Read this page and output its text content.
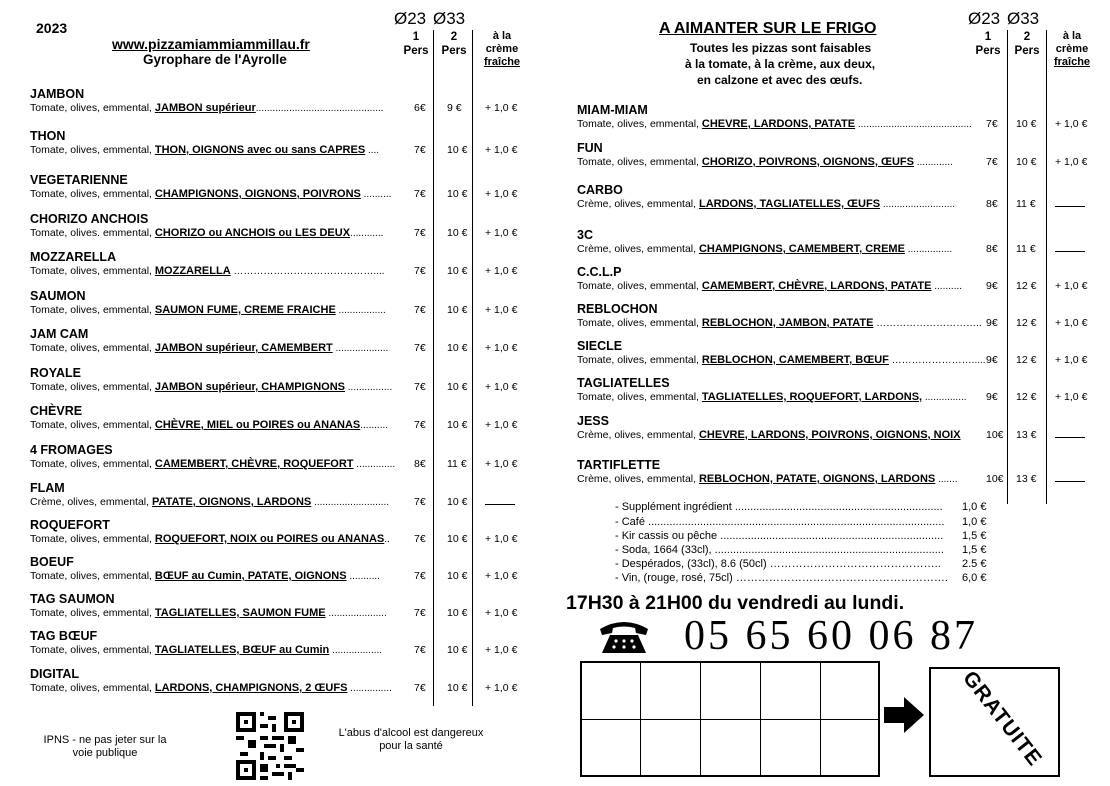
2023
www.pizzamiammiammillau.fr
Gyrophare de l'Ayrolle
Ø23 Ø33
1
Pers
2
Pers
à la
crème
fraîche
JAMBON
Tomate, olives, emmental, JAMBON supérieur..............................................	6€ 9 € + 1,0 €
THON
Tomate, olives, emmental, THON, OIGNONS avec ou sans CAPRES ....	7€ 10 € + 1,0 €
VEGETARIENNE
Tomate, olives, emmental, CHAMPIGNONS, OIGNONS, POIVRONS .......... 7€ 10 € + 1,0 €
CHORIZO ANCHOIS
Tomate, olives. emmental, CHORIZO ou ANCHOIS ou LES DEUX............	7€ 10 € + 1,0 €
MOZZARELLA
Tomate, olives, emmental, MOZZARELLA ……………………………………....	7€ 10 € + 1,0 €
SAUMON
Tomate, olives, emmental, SAUMON FUME, CREME FRAICHE .................	7€ 10 € + 1,0 €
JAM CAM
Tomate, olives, emmental, JAMBON supérieur, CAMEMBERT ................... 7€ 10 € + 1,0 €
ROYALE
Tomate, olives, emmental, JAMBON supérieur, CHAMPIGNONS ................ 7€ 10 € + 1,0 €
CHÈVRE
Tomate, olives, emmental, CHÈVRE, MIEL ou POIRES ou ANANAS.......... 7€ 10 € + 1,0 €
4 FROMAGES
Tomate, olives, emmental, CAMEMBERT, CHÈVRE, ROQUEFORT .............. 8€ 11 € + 1,0 €
FLAM
Crème, olives, emmental, PATATE, OIGNONS, LARDONS ........................... 7€ 10 €
ROQUEFORT
Tomate, olives, emmental, ROQUEFORT, NOIX ou POIRES ou ANANAS.. 7€ 10 € + 1,0 €
BOEUF
Tomate, olives, emmental, BŒUF au Cumin, PATATE, OIGNONS ...........	7€ 10 € + 1,0 €
TAG SAUMON
Tomate, olives, emmental, TAGLIATELLES, SAUMON FUME .....................	7€ 10 € + 1,0 €
TAG BŒUF
Tomate, olives, emmental, TAGLIATELLES, BŒUF au Cumin ..................	7€ 10 € + 1,0 €
DIGITAL
Tomate, olives, emmental, LARDONS, CHAMPIGNONS, 2 ŒUFS ............... 7€ 10 € + 1,0 €
IPNS - ne pas jeter sur la voie publique
L'abus d'alcool est dangereux pour la santé
A AIMANTER SUR LE FRIGO
Toutes les pizzas sont faisables
à la tomate, à la crème, aux deux,
en calzone et avec des œufs.
Ø23 Ø33
1
Pers
2
Pers
à la
crème
fraîche
MIAM-MIAM
Tomate, olives, emmental, CHEVRE, LARDONS, PATATE ......................................... 7€ 10 € + 1,0 €
FUN
Tomate, olives, emmental, CHORIZO, POIVRONS, OIGNONS, ŒUFS .............	7€ 10 € + 1,0 €
CARBO
Crème, olives, emmental, LARDONS, TAGLIATELLES, ŒUFS ..........................	8€ 11 €
3C
Crème, olives, emmental, CHAMPIGNONS, CAMEMBERT, CREME ................	8€ 11 €
C.C.L.P
Tomate, olives, emmental, CAMEMBERT, CHÈVRE, LARDONS, PATATE .......... 9€ 12 € + 1,0 €
REBLOCHON
Tomate, olives, emmental, REBLOCHON, JAMBON, PATATE ………………………….. 9€ 12 € + 1,0 €
SIECLE
Tomate, olives, emmental, REBLOCHON, CAMEMBERT, BŒUF ……………………..... 9€ 12 € + 1,0 €
TAGLIATELLES
Tomate, olives, emmental, TAGLIATELLES, ROQUEFORT, LARDONS, ............... 9€ 12 € + 1,0 €
JESS
Crème, olives, emmental, CHEVRE, LARDONS, POIVRONS, OIGNONS, NOIX 10€ 13 €
TARTIFLETTE
Crème, olives, emmental, REBLOCHON, PATATE, OIGNONS, LARDONS .......	10€ 13 €
- Supplément ingrédient ....................................................................	1,0 €
- Café .................................................................................................	1,0 €
- Kir cassis ou pêche .........................................................................	1,5 €
- Soda, 1664 (33cl), ...........................................................................	1,5 €
- Despérados, (33cl), 8.6 (50cl) ………………………………………..	2.5 €
- Vin, (rouge, rosé, 75cl) ………………………………………………….	6,0 €
17H30 à 21H00 du vendredi au lundi.
05 65 60 06 87
GRATUITE
